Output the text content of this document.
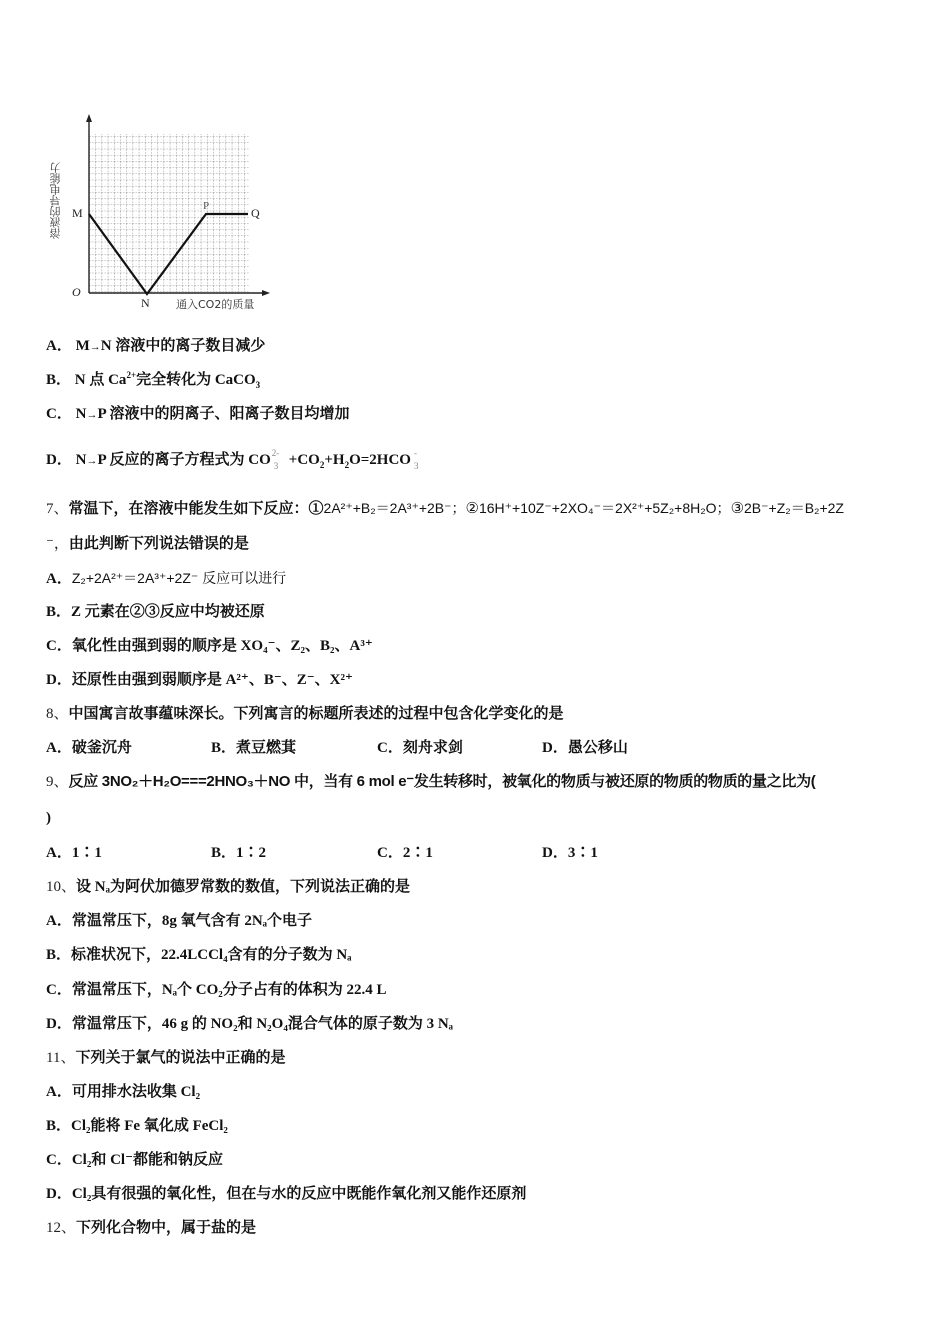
溶液的导电能力 M
O
N
P	Q
通入CO2的质量
A． M→N 溶液中的离子数目减少
B． N 点 $Ca^{2+}$完全转化为 CaCO$_3$
C． N→P 溶液中的阴离子、阳离子数目均增加
D． N→P 反应的离子方程式为 CO 2-
$3 +CO_2+H_2O=2HCO$ -
3
7、常温下，在溶液中能发生如下反应：①2A²⁺+B₂＝2A³⁺+2B⁻；②16H⁺+10Z⁻+2XO₄⁻＝2X²⁺+5Z₂+8H₂O；③2B⁻+Z₂＝B₂+2Z
⁻，由此判断下列说法错误的是
A．Z₂+2A²⁺＝2A³⁺+2Z⁻ 反应可以进行
B．Z 元素在②③反应中均被还原
C．氧化性由强到弱的顺序是 XO₄⁻、Z₂、B₂、A³⁺
D．还原性由强到弱顺序是 A²⁺、B⁻、Z⁻、X²⁺
8、中国寓言故事蕴味深长。下列寓言的标题所表述的过程中包含化学变化的是
A．破釜沉舟	B．煮豆燃萁	C．刻舟求剑	D．愚公移山
9、反应 3NO₂＋H₂O===2HNO₃＋NO 中，当有 6 mol e⁻发生转移时，被氧化的物质与被还原的物质的物质的量之比为(
)
A．1∶1	B．1∶2	C．2∶1	D．3∶1
10、设 Nₐ为阿伏加德罗常数的数值，下列说法正确的是
A．常温常压下，8g 氧气含有 2Nₐ个电子
B．标准状况下，22.4LCCl₄含有的分子数为 Nₐ
C．常温常压下，Nₐ个 CO₂分子占有的体积为 22.4 L
D．常温常压下，46 g 的 NO₂和 N₂O₄混合气体的原子数为 3 Nₐ
11、下列关于氯气的说法中正确的是
A．可用排水法收集 Cl₂
B．Cl₂能将 Fe 氧化成 FeCl₂
C．Cl₂和 Cl⁻都能和钠反应
D．Cl₂具有很强的氧化性，但在与水的反应中既能作氧化剂又能作还原剂
12、下列化合物中，属于盐的是
